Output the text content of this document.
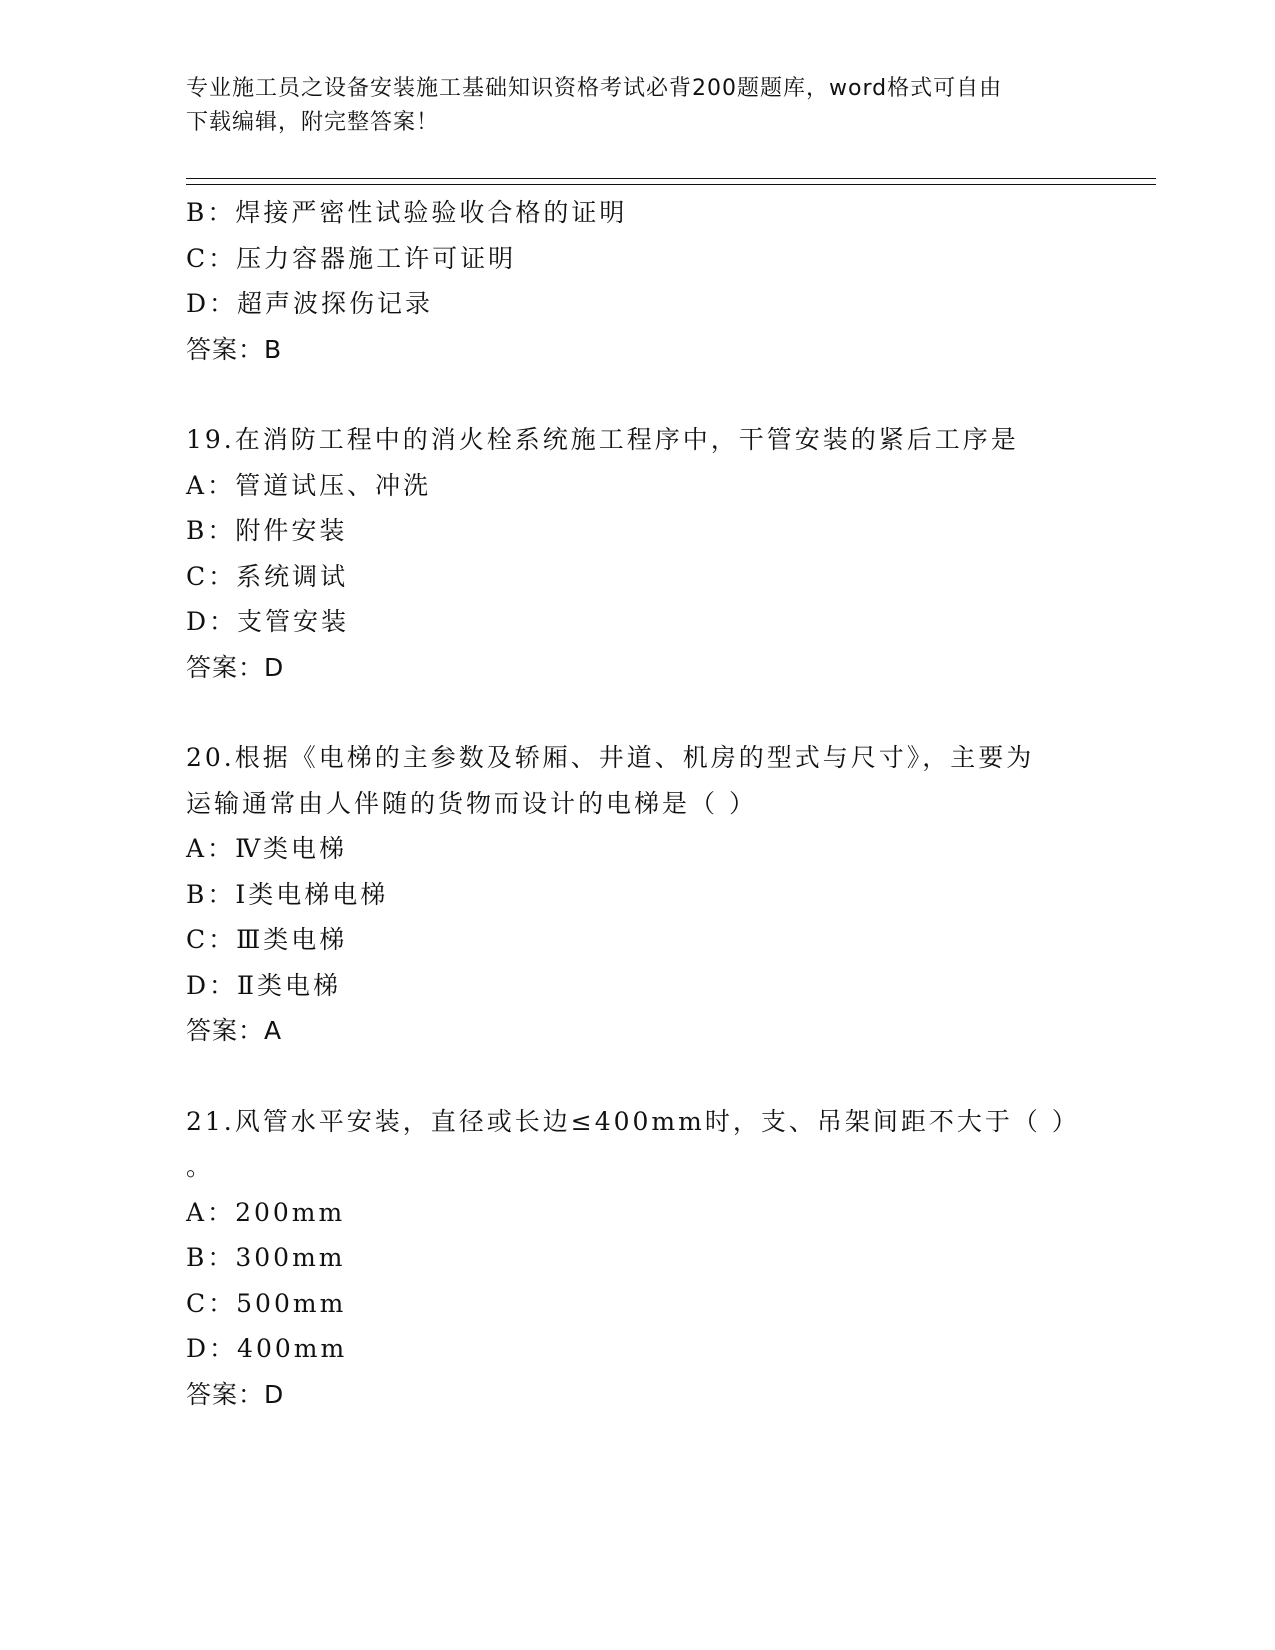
专业施工员之设备安装施工基础知识资格考试必背200题题库，word格式可自由
下载编辑，附完整答案！
B：焊接严密性试验验收合格的证明
C：压力容器施工许可证明
D：超声波探伤记录
答案：B
19.在消防工程中的消火栓系统施工程序中，干管安装的紧后工序是
A：管道试压、冲洗
B：附件安装
C：系统调试
D：支管安装
答案：D
20.根据《电梯的主参数及轿厢、井道、机房的型式与尺寸》，主要为
运输通常由人伴随的货物而设计的电梯是（ ）
A：Ⅳ类电梯
B：Ⅰ类电梯电梯
C：Ⅲ类电梯
D：Ⅱ类电梯
答案：A
21.风管水平安装，直径或长边≤400mm时，支、吊架间距不大于（ ）
。
A：200mm
B：300mm
C：500mm
D：400mm
答案：D
